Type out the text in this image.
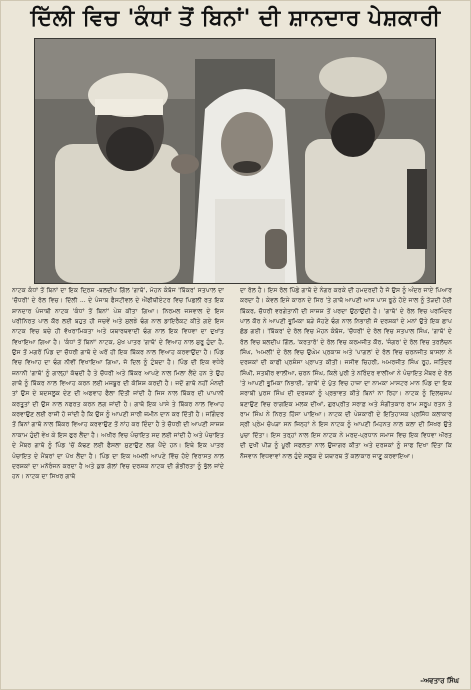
ਦਿੱਲੀ ਵਿਚ 'ਕੰਧਾਂ ਤੋਂ ਬਿਨਾਂ' ਦੀ ਸ਼ਾਨਦਾਰ ਪੇਸ਼ਕਾਰੀ

ਨਾਟਕ ਕੰਧਾਂ ਤੋਂ ਬਿਨਾਂ ਦਾ ਇਕ ਦ੍ਰਿਸ਼ -ਬਲਦੀਪ ਗਿੱਲ 'ਗਾਥੋ', ਮੋਹਨ ਕੰਬੋਜ 'ਬਿੱਕਰ' ਸਤਪਾਲ ਦਾ 'ਚੌਧਰੀ' ਦੇ ਰੋਲ ਵਿਚ। ਦਿੱਲੀ ... ਦੇ ਪੰਜਾਬ ਫੈਸਟੀਵਲ ਦੇ ਐਂਫੀਥੀਏਟਰ ਵਿਚ ਪਿਛਲੀ ਰਤ ਇਕ ਸ਼ਾਨਦਾਰ ਪੰਜਾਬੀ ਨਾਟਕ 'ਕੰਧਾਂ ਤੋਂ ਬਿਨਾਂ' ਪੇਸ਼ ਕੀਤਾ ਗਿਆ। ਨਿਰਮਲ ਜਸਵਾਲ ਦੇ ਇਸ ਪਰੀਨਿਰਤ ਪਾਲ ਕੌਰ ਲਈ ਬਹੁਤ ਹੀ ਜਚਵੇਂ ਅਤੇ ਸੁਲਝੇ ਢੰਗ ਨਾਲ ਡਾਇਰੈਕਟ ਕੀਤੇ ਗਏ ਇਸ ਨਾਟਕ ਵਿਚ ਬਚੇ ਹੀ ਵੱਖਰਾਮਿਕਤਾ ਅਤੇ ਯਥਾਰਥਵਾਦੀ ਢੰਗ ਨਾਲ ਇਕ ਵਿਧਵਾ ਦਾ ਦੁਖਾਂਤ ਵਿਖਾਇਆ ਗਿਆ ਹੈ। 'ਕੰਧਾਂ ਤੋਂ ਬਿਨਾਂ' ਨਾਟਕ, ਮੁੱਖ ਪਾਤਰ 'ਗਾਥੋ' ਦੇ ਵਿਆਹ ਨਾਲ ਸ਼ੁਰੂ ਹੁੰਦਾ ਹੈ, ਉਸ ਤੋਂ ਮਗਰੋਂ ਪਿੰਡ ਦਾ ਚੌਧਰੀ ਗਾਥੋ ਦੇ ਘਰੋਂ ਹੀ ਇਕ ਬਿੱਕਰ ਨਾਲ ਵਿਆਹ ਕਰਵਾਉਂਦਾ ਹੈ। ਪਿੰਡ ਵਿਚ ਵਿਆਹ ਦਾ ਢੰਗ ਨੀਵੀਂ ਵਿਖਾਇਆ ਗਿਆ, ਜੋ ਦਿਲ ਨੂੰ ਟੁੰਬਦਾ ਹੈ। ਪਿੰਡ ਦੀ ਇਕ ਵਧੇਰੇ ਜ਼ਨਾਨੀ 'ਗਾਥੋ' ਨੂੰ ਗਾਲ੍ਹਾਂ ਕੱਢਦੀ ਹੈ ਤੇ ਚੌਧਰੀ ਅਤੇ ਬਿੱਕਰ ਆਪਣੇ ਨਾਲ ਮਿਲਾ ਲੈਂਦੇ ਹਨ ਤੇ ਉਹ ਗਾਥੋ ਨੂੰ ਬਿੱਕਰ ਨਾਲ ਵਿਆਹ ਕਰਨ ਲਈ ਮਜਬੂਰ ਦੀ ਕੋਸ਼ਿਸ਼ ਕਰਦੀ ਹੈ। ਜਦੋਂ ਗਾਥੋ ਨਹੀਂ ਮੰਨਦੀ ਤਾਂ ਉਸ ਦੇ ਬਦਸਲੂਕ ਦੇਣ ਦੀ ਅਫਵਾਹ ਫੈਲਾ ਦਿੱਤੀ ਜਾਂਦੀ ਹੈ ਜਿਸ ਨਾਲ ਬਿੱਕਰ ਦੀ ਪਾਪਾਨੀ ਕਰਤੂਤਾਂ ਦੀ ਉਸ ਨਾਲ ਨਫਰਤ ਕਰਨ ਲਗ ਜਾਂਦੀ ਹੈ। ਗਾਥੋ ਇਕ ਪਾਸੇ ਤੇ ਬਿੱਕਰ ਨਾਲ ਵਿਆਹ ਕਰਵਾਉਣ ਲਈ ਰਾਜ਼ੀ ਹੋ ਜਾਂਦੀ ਹੈ ਕਿ ਉਸ ਨੂੰ ਆਪਣੀ ਸਾਰੀ ਜ਼ਮੀਨ ਦਾਨ ਕਰ ਦਿੱਤੀ ਹੈ। ਜਗਿੰਦਰ ਤੋਂ ਬਿਨਾਂ ਗਾਥੋ ਨਾਲ ਬਿੱਕਰ ਵਿਆਹ ਕਰਵਾਉਣ ਤੋਂ ਨਾਂਹ ਕਰ ਦਿੰਦਾ ਹੈ ਤੇ ਚੌਧਰੀ ਦੀ ਆਪਣੀ ਸਾਜ਼ਸ਼ ਨਾਕਾਮ ਹੁੰਦੀ ਵੇਖ ਕੇ ਇਸ ਫੁਰ ਲੈਂਦਾ ਹੈ। ਅਖੀਰ ਵਿਚ ਪੰਚਾਇਤ ਸਦ ਲਈ ਜਾਂਦੀ ਹੈ ਅਤੇ ਪੰਚਾਇਤ ਦੇ ਮੈਂਬਰ ਗਾਥੋ ਨੂੰ ਪਿੰਡ 'ਚੋਂ ਕੱਢਣ ਲਈ ਫੈਸਲਾ ਸੁਣਾਉਣ ਲਗ ਪੈਂਦੇ ਹਨ। ਇਥੇ ਇਕ ਪਾਤਰ ਪੰਚਾਇਤ ਦੇ ਮੈਂਬਰਾਂ ਦਾ ਪੱਖ ਲੈਂਦਾ ਹੈ। ਪਿੰਡ ਦਾ ਇਕ ਅਮਲੀ ਆਪਣੇ ਵਿੱਚ ਹੋਏ ਵਿਰਾਸਤ ਨਾਲ ਦਰਸ਼ਕਾਂ ਦਾ ਮਨੋਰੰਜਨ ਕਰਦਾ ਹੈ ਅਤੇ ਕੁਝ ਗੱਲਾਂ ਵਿਚ ਦਰਸ਼ਕ ਨਾਟਕ ਦੀ ਗੰਭੀਰਤਾ ਨੂੰ ਭੁੱਲ ਜਾਂਦੇ ਹਨ। ਨਾਟਕ ਦਾ ਸਿਖਰ ਗਾਥੋ

ਦਾ ਰੋਲ ਹੈ। ਇਸ ਰੋਲ ਪਿੱਛੇ ਗਾਥੋ ਦੇ ਨੰਗਰ ਕਰਕੇ ਦੀ ਹਮਦਰਦੀ ਹੈ ਜੋ ਉਸ ਨੂੰ ਅੰਦਰ ਜਾਏ ਪਿਆਰ ਕਰਦਾ ਹੈ। ਕੇਵਲ ਇਸੇ ਕਾਰਨ ਦੇ ਸਿਰ 'ਤੇ ਗਾਥੋ ਆਪਣੀ ਆਸ ਪਾਸ ਝੂਠੇ ਹੋਏ ਜਾਲ ਨੂੰ ਤੋੜਦੀ ਹੋਈ ਬਿੱਕਰ, ਚੌਧਰੀ ਵਰਗੇਤਾਨੀ ਦੀ ਸਾਜ਼ਸ਼ ਤੋਂ ਪਰਦਾ ਉਠਾਉਂਦੀ ਹੈ। 'ਗਾਥੋ' ਦੇ ਰੋਲ ਵਿਚ ਪਰਮਿੰਦਰ ਪਾਲ ਕੌਰ ਨੇ ਆਪਣੀ ਭੂਮਿਕਾ ਬੜੇ ਸੋਹਣੇ ਢੰਗ ਨਾਲ ਨਿਭਾਈ ਜੋ ਦਰਸ਼ਕਾਂ ਦੇ ਮਨਾਂ ਉਤੇ ਇਕ ਛਾਪ ਛੱਡ ਗਈ। 'ਬਿੱਕਰ' ਦੇ ਰੋਲ ਵਿਚ ਮੋਹਨ ਕੰਬੋਜ, 'ਚੌਧਰੀ' ਦੇ ਰੋਲ ਵਿਚ ਸਤਪਾਲ ਸਿੰਘ, 'ਗਾਥੋ' ਦੇ ਰੋਲ ਵਿਚ ਬਲਦੀਪ ਗਿੱਲ, 'ਕਰਤਾਰੋ' ਦੇ ਰੋਲ ਵਿਚ ਕਰਮਜੀਤ ਕੌਰ, 'ਜੰਗਰ' ਦੇ ਰੋਲ ਵਿਚ ਤਰਲੋਚਨ ਸਿੰਘ, 'ਅਮਲੀ' ਦੇ ਰੋਲ ਵਿਚ ਉਘੇਮ ਪ੍ਰਕਾਸ਼ ਅਤੇ 'ਪਾਗਲ' ਦੇ ਰੋਲ ਵਿਚ ਚਰਨਜੀਤ ਬਾਸਲਾ ਨੇ ਦਰਸ਼ਕਾਂ ਦੀ ਕਾਫੀ ਪ੍ਰਸ਼ੰਸਾ ਪ੍ਰਾਪਤ ਕੀਤੀ। ਜਸੀਵ ਚਿਹਰੀ, ਅਮਰਜੀਤ ਸਿੰਘ ਰੂਹ, ਜਤਿੰਦਰ ਸਿੰਘੀ, ਸਤਬੀਰ ਵਾਲੀਆ, ਚਰਨ ਸਿੰਘ, ਕਿਲੇ ਪੁਰੀ ਤੇ ਨਰਿੰਦਰ ਵਾਲੀਆ ਨੇ ਪੰਚਾਇਤ ਮੈਂਬਰ ਦੇ ਰੋਲ 'ਤੇ ਆਪਣੀ ਭੂਮਿਕਾ ਨਿਭਾਈ, 'ਗਾਥੋ' ਦੇ ਪੁੱਤ ਵਿਚ ਹਾਜ਼ਾ ਦਾ ਨਾਮਕਾ ਮਾਸਟਰ ਮਾਨ ਪਿੰਡ ਦਾ ਇਕ ਸ਼ਰਾਬੀ ਪੁਰਸ ਸਿੰਘ ਦੀ ਦਰਸ਼ਕਾਂ ਨੂੰ ਪ੍ਰਭਾਵਤ ਕੀਤੇ ਬਿਨਾਂ ਨਾ ਰਿਹਾ। ਨਾਟਕ ਨੂੰ ਦਿਲਚਸਪ ਬਣਾਉਣ ਵਿਚ ਰਾਗਇਕ ਮਲਕ ਦੀਆਂ, ਗੁਰਪ੍ਰੀਤ ਸਰਾਫ਼ ਅਤੇ ਸੰਗੀਤਕਾਰ ਰਾਮ ਸਰੂਪ ਰਤਨ ਤੇ ਰਾਮ ਸਿੰਘ ਨੇ ਨਿਰਤ ਹਿੱਸਾ ਪਾਇਆ। ਨਾਟਕ ਦੀ ਪੇਸ਼ਕਾਰੀ ਦੇ ਇਤਿਹਾਸਕ ਪ੍ਰਸਿੱਧ ਕਲਾਕਾਰ ਸ੍ਰੀ ਪ੍ਰੇਮ ਚੋਪੜਾ ਸਨ ਜਿਨ੍ਹਾਂ ਨੇ ਇਸ ਨਾਟਕ ਨੂੰ ਆਪਣੀ ਮਿਹਨਤ ਨਾਲ ਕਲਾ ਦੀ ਸਿਖਰ ਉਤੇ ਪੁਚਾ ਦਿੱਤਾ। ਇਸ ਤਰ੍ਹਾਂ ਨਾਲ ਇਸ ਨਾਟਕ ਨੇ ਮਰਦ-ਪ੍ਰਧਾਨ ਸਮਾਜ ਵਿਚ ਇਕ ਵਿਧਵਾ ਔਰਤ ਦੀ ਦੁਖੀ ਪੀੜ ਨੂੰ ਪੂਰੀ ਸਫਲਤਾ ਨਾਲ ਉਜਾਗਰ ਕੀਤਾ ਅਤੇ ਦਰਸ਼ਕਾਂ ਨੂੰ ਸਾਫ ਦਿਖਾ ਦਿੱਤਾ ਕਿ ਨੌਜਵਾਨ ਵਿਧਵਾਵਾਂ ਨਾਲ ਹੁੰਦੇ ਸਲੂਕ ਦੇ ਯਥਾਰਥ ਤੋਂ ਕਲਾਕਾਰ ਜਾਣੂ ਕਰਵਾਇਆ।

-ਅਵਤਾਰ ਸਿੰਘ
